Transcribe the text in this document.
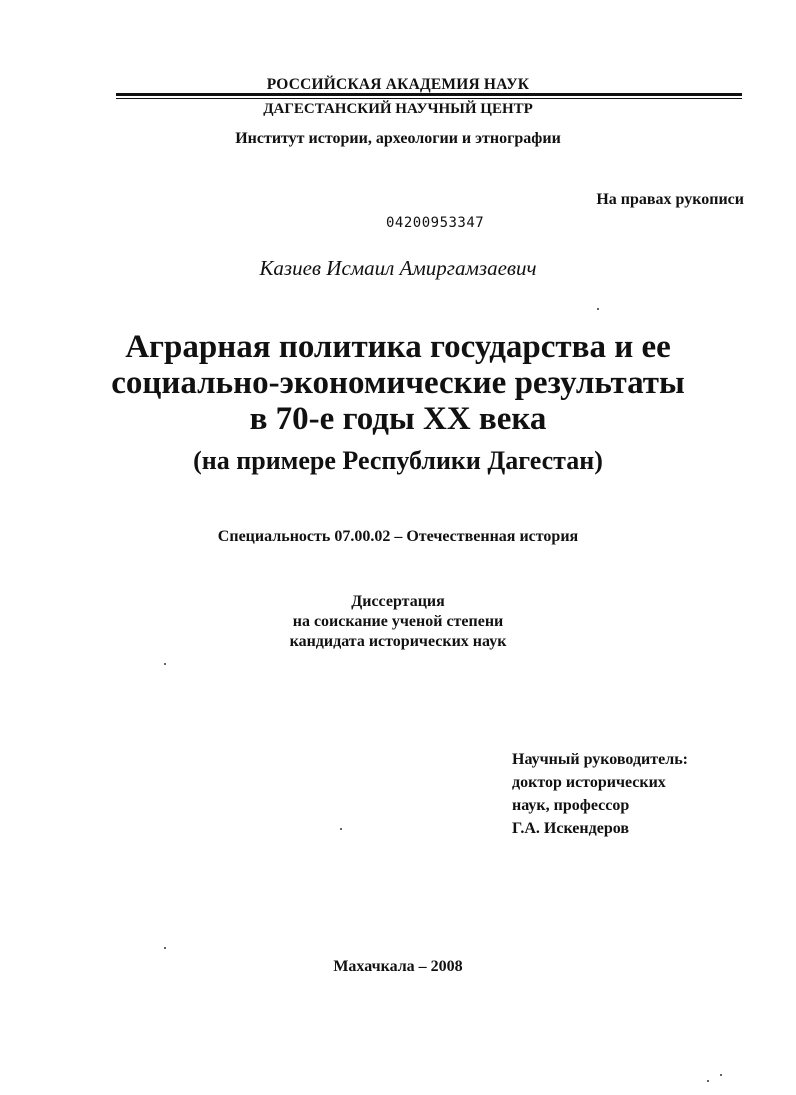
РОССИЙСКАЯ АКАДЕМИЯ НАУК
ДАГЕСТАНСКИЙ НАУЧНЫЙ ЦЕНТР
Институт истории, археологии и этнографии
На правах рукописи
04200953347
Казиев Исмаил Амиргамзаевич
Аграрная политика государства и ее
социально-экономические результаты
в 70-е годы XX века
(на примере Республики Дагестан)
Специальность 07.00.02 – Отечественная история
Диссертация
на соискание ученой степени
кандидата исторических наук
Научный руководитель:
доктор исторических
наук, профессор
Г.А. Искендеров
Махачкала – 2008
